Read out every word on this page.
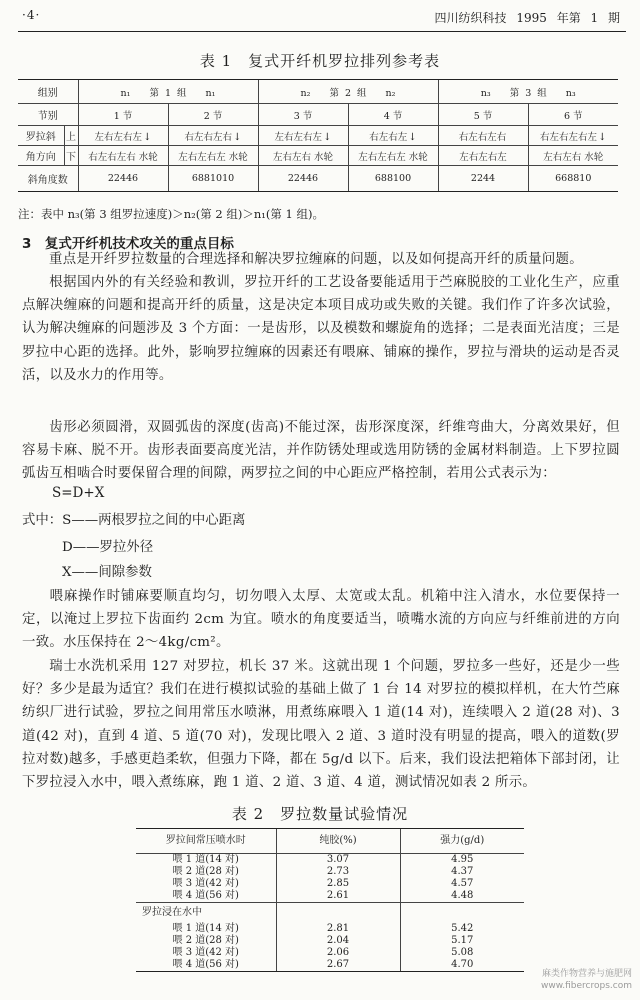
·4·	四川纺织科技 1995 年第 1 期
表 1　复式开纤机罗拉排列参考表
组别		n₁　　第 1 组　　n₁		n₂　　第 2 组　　n₂		n₃　　第 3 组　　n₃	
节别		1 节	2 节	3 节	4 节	5 节	6 节
罗拉斜	上	左右左右左↓	右左右左右↓	左右左右左↓	右左右左↓	右左右左右	右左右左右左↓
角方向	下	右左右左右 水轮	左右左右左 水轮	左右左右 水轮	左右左右左 水轮	左右左右左	左右左右 水轮
斜角度数		22446	6881010	22446	688100	2244	668810
注：表中 n₃(第 3 组罗拉速度)＞n₂(第 2 组)＞n₁(第 1 组)。
3　复式开纤机技术攻关的重点目标

重点是开纤罗拉数量的合理选择和解决罗拉缠麻的问题，以及如何提高开纤的质量问题。

根据国内外的有关经验和教训，罗拉开纤的工艺设备要能适用于苎麻脱胶的工业化生产，应重点解决缠麻的问题和提高开纤的质量，这是决定本项目成功或失败的关键。我们作了许多次试验，认为解决缠麻的问题涉及 3 个方面：一是齿形，以及模数和螺旋角的选择；二是表面光洁度；三是罗拉中心距的选择。此外，影响罗拉缠麻的因素还有喂麻、铺麻的操作，罗拉与滑块的运动是否灵活，以及水力的作用等。

齿形必须圆滑，双圆弧齿的深度(齿高)不能过深，齿形深度深，纤维弯曲大，分离效果好，但容易卡麻、脱不开。齿形表面要高度光洁，并作防锈处理或选用防锈的金属材料制造。上下罗拉圆弧齿互相啮合时要保留合理的间隙，两罗拉之间的中心距应严格控制，若用公式表示为：

S=D+X
式中：S——两根罗拉之间的中心距离
D——罗拉外径
X——间隙参数

喂麻操作时铺麻要顺直均匀，切勿喂入太厚、太宽或太乱。机箱中注入清水，水位要保持一定，以淹过上罗拉下齿面约 2cm 为宜。喷水的角度要适当，喷嘴水流的方向应与纤维前进的方向一致。水压保持在 2～4kg/cm²。

瑞士水洗机采用 127 对罗拉，机长 37 米。这就出现 1 个问题，罗拉多一些好，还是少一些好？多少是最为适宜？我们在进行模拟试验的基础上做了 1 台 14 对罗拉的模拟样机，在大竹苎麻纺织厂进行试验，罗拉之间用常压水喷淋，用煮练麻喂入 1 道(14 对)，连续喂入 2 道(28 对)、3 道(42 对)，直到 4 道、5 道(70 对)，发现比喂入 2 道、3 道时没有明显的提高，喂入的道数(罗拉对数)越多，手感更趋柔软，但强力下降，都在 5g/d 以下。后来，我们设法把箱体下部封闭，让下罗拉浸入水中，喂入煮练麻，跑 1 道、2 道、3 道、4 道，测试情况如表 2 所示。

表 2　罗拉数量试验情况
罗拉间常压喷水时	纯胶(%)	强力(g/d)
喂 1 道(14 对)	3.07	4.95
喂 2 道(28 对)	2.73	4.37
喂 3 道(42 对)	2.85	4.57
喂 4 道(56 对)	2.61	4.48
罗拉浸在水中		
喂 1 道(14 对)	2.81	5.42
喂 2 道(28 对)	2.04	5.17
喂 3 道(42 对)	2.06	5.08
喂 4 道(56 对)	2.67	4.70
麻类作物营养与施肥网
www.fibercrops.com
